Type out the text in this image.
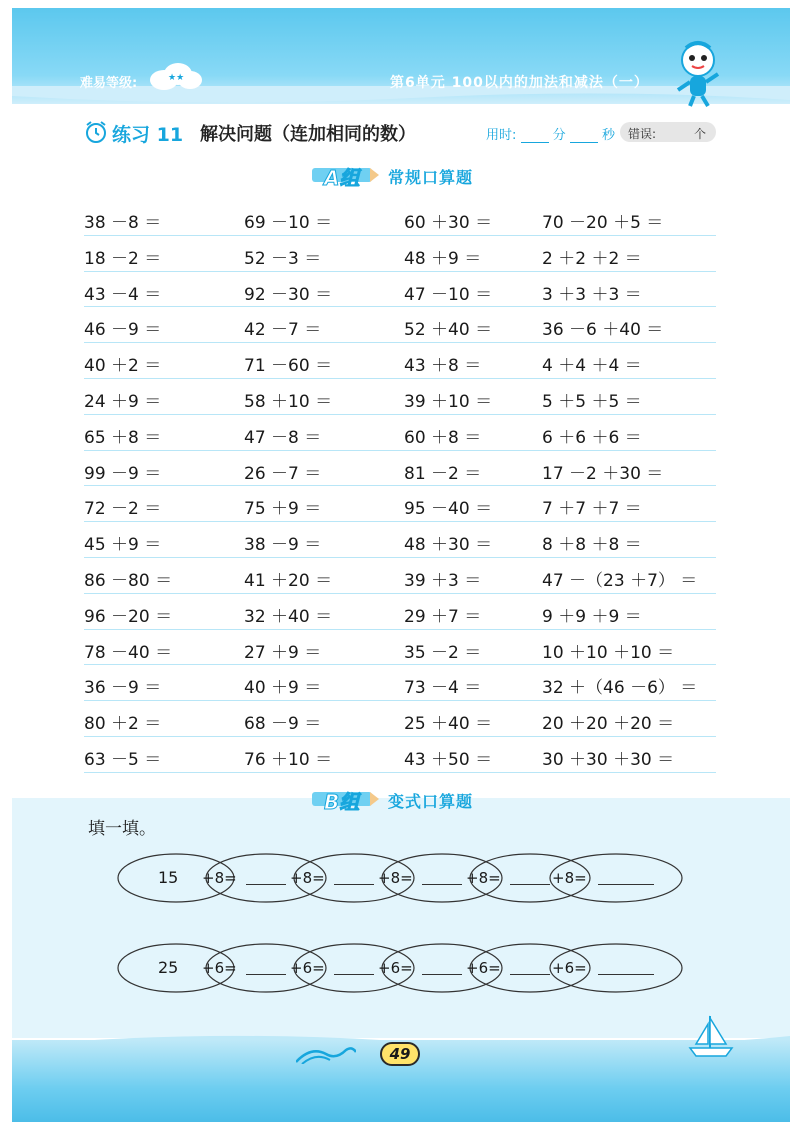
难易等级:	★★	第6单元 100以内的加法和减法（一）
练习 11 解决问题（连加相同的数）	用时:	分	秒	错误:	个
A组 常规口算题
38 －8 ＝	69 －10 ＝	60 ＋30 ＝	70 －20 ＋5 ＝
18 －2 ＝	52 －3 ＝	48 ＋9 ＝	2 ＋2 ＋2 ＝
43 －4 ＝	92 －30 ＝	47 －10 ＝	3 ＋3 ＋3 ＝
46 －9 ＝	42 －7 ＝	52 ＋40 ＝	36 －6 ＋40 ＝
40 ＋2 ＝	71 －60 ＝	43 ＋8 ＝	4 ＋4 ＋4 ＝
24 ＋9 ＝	58 ＋10 ＝	39 ＋10 ＝	5 ＋5 ＋5 ＝
65 ＋8 ＝	47 －8 ＝	60 ＋8 ＝	6 ＋6 ＋6 ＝
99 －9 ＝	26 －7 ＝	81 －2 ＝	17 －2 ＋30 ＝
72 －2 ＝	75 ＋9 ＝	95 －40 ＝	7 ＋7 ＋7 ＝
45 ＋9 ＝	38 －9 ＝	48 ＋30 ＝	8 ＋8 ＋8 ＝
86 －80 ＝	41 ＋20 ＝	39 ＋3 ＝	47 －（23 ＋7） ＝
96 －20 ＝	32 ＋40 ＝	29 ＋7 ＝	9 ＋9 ＋9 ＝
78 －40 ＝	27 ＋9 ＝	35 －2 ＝	10 ＋10 ＋10 ＝
36 －9 ＝	40 ＋9 ＝	73 －4 ＝	32 ＋（46 －6） ＝
80 ＋2 ＝	68 －9 ＝	25 ＋40 ＝	20 ＋20 ＋20 ＝
63 －5 ＝	76 ＋10 ＝	43 ＋50 ＝	30 ＋30 ＋30 ＝
B组 变式口算题
填一填。
15 +8=	+8=	+8=	+8=	+8=
25 +6=	+6=	+6=	+6=	+6=
49
